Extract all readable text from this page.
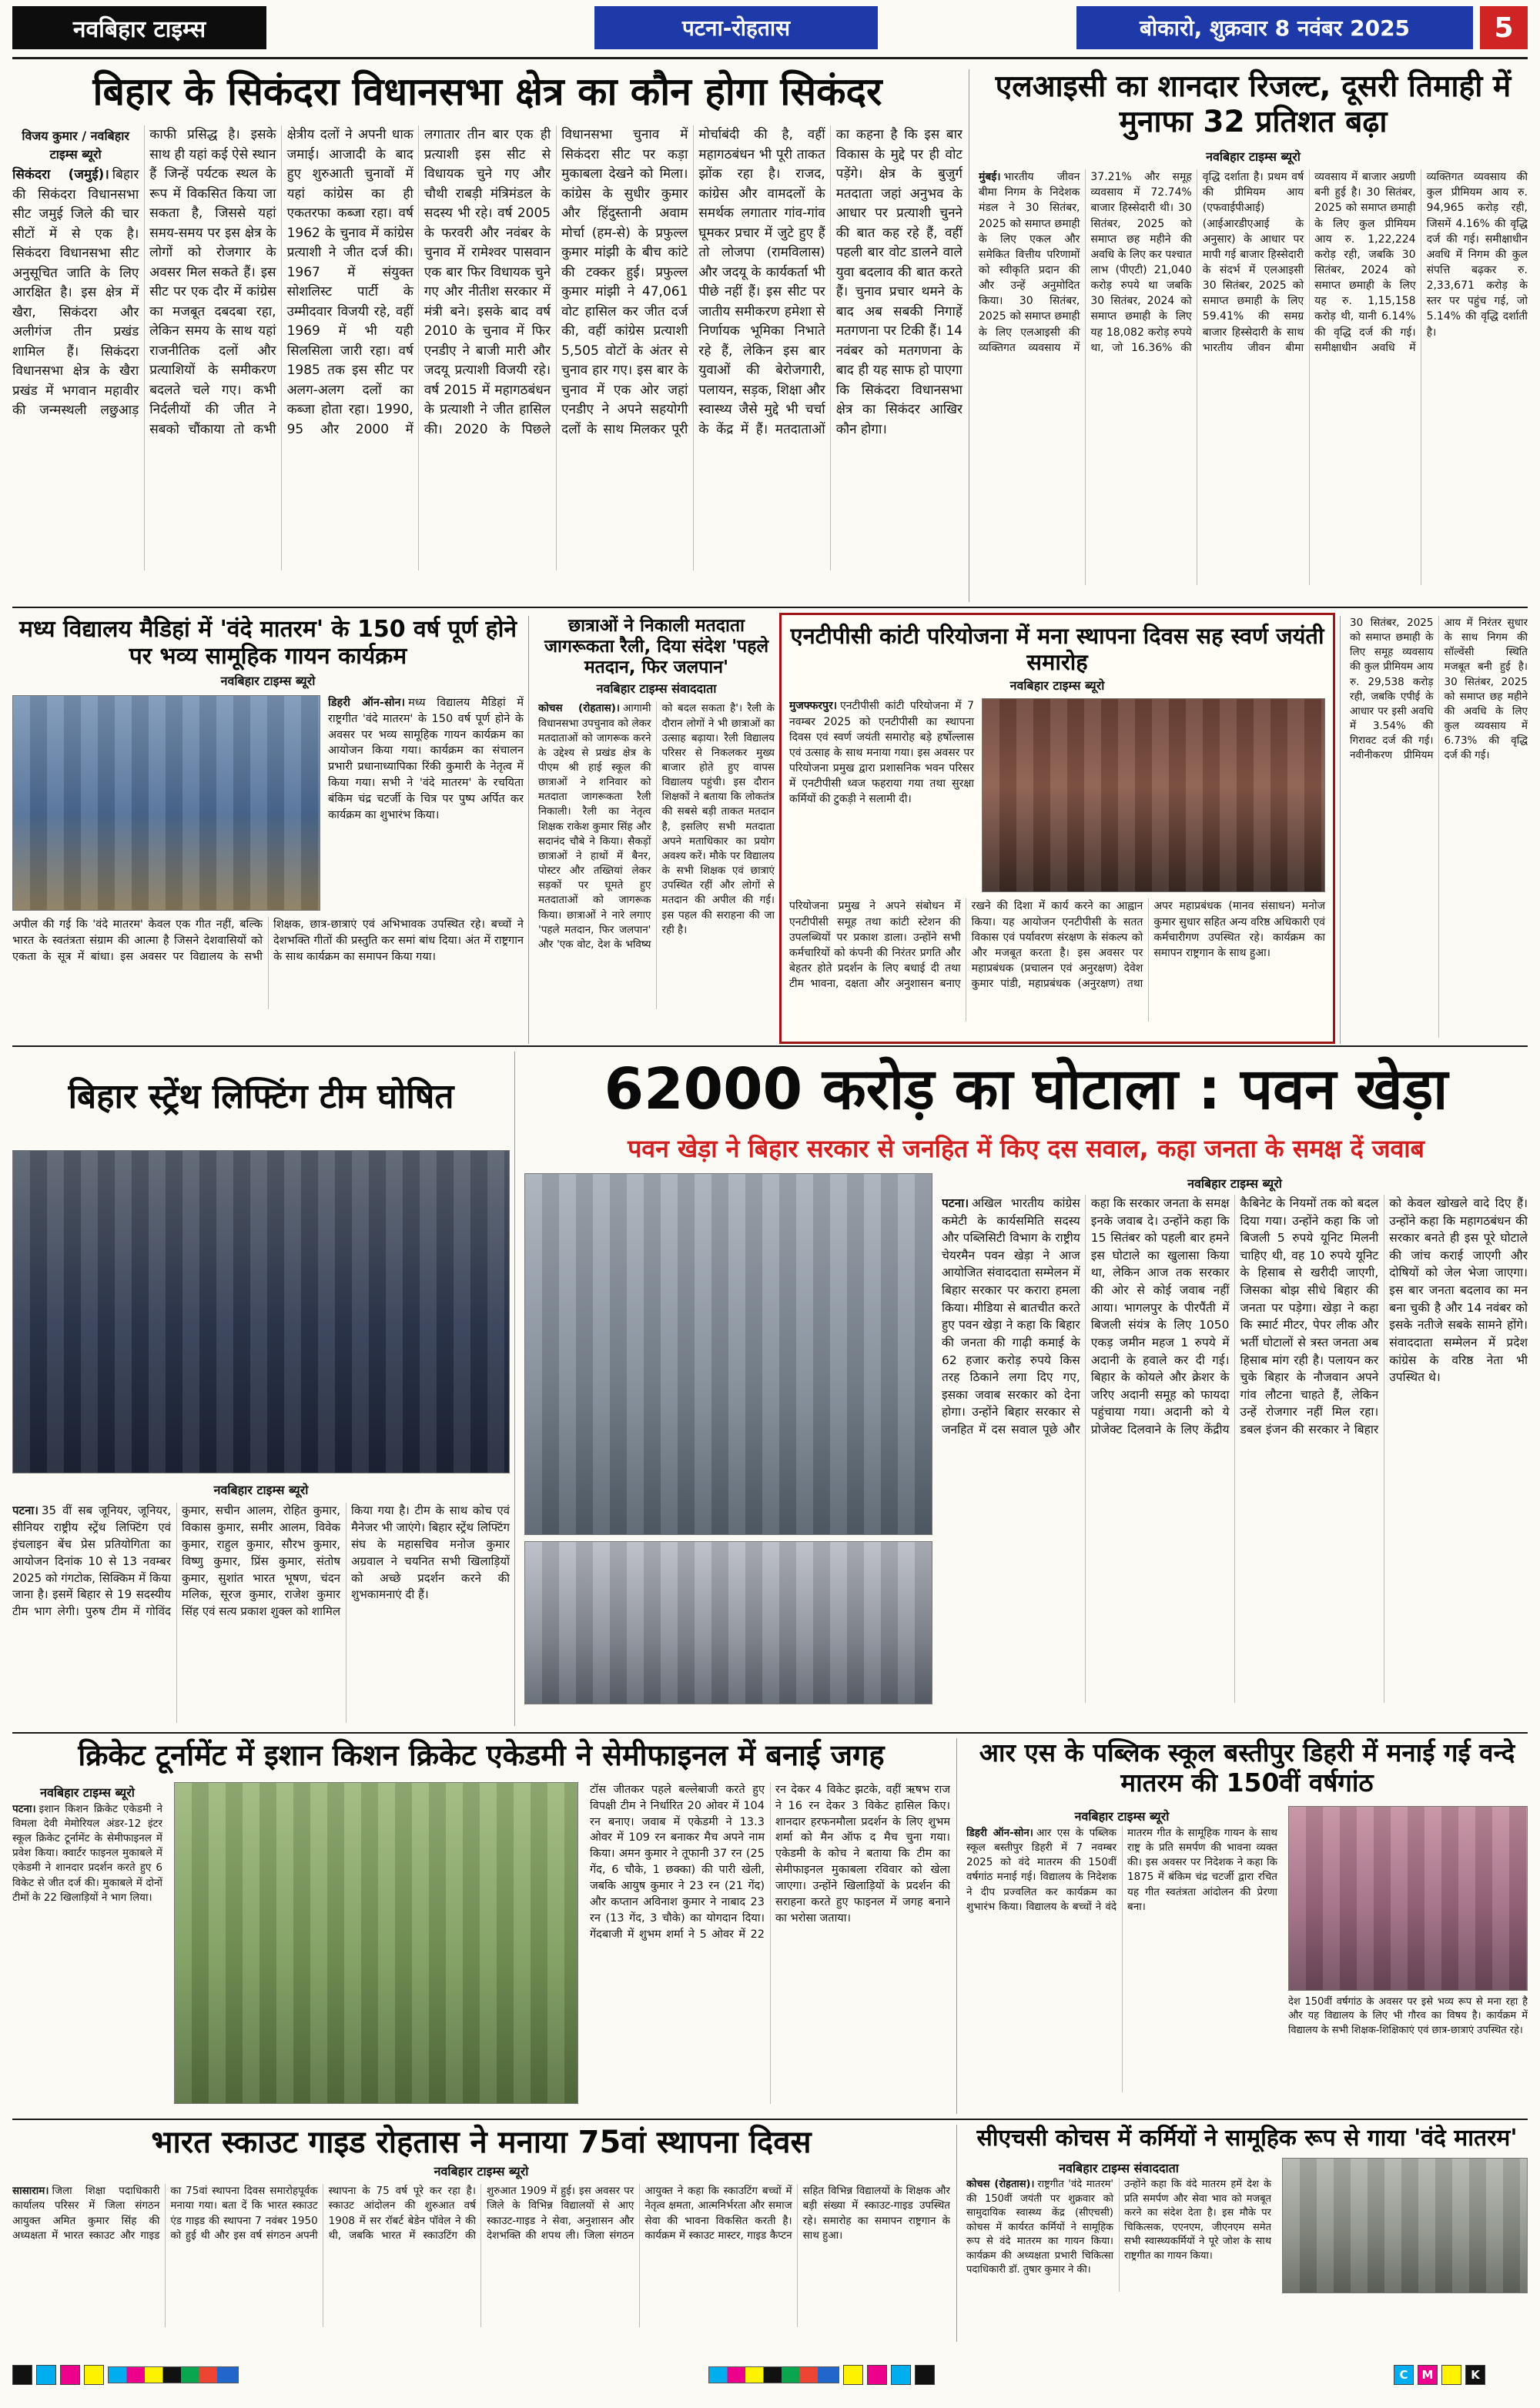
नवबिहार टाइम्स	पटना-रोहतास	बोकारो, शुक्रवार 8 नवंबर 2025	5
बिहार के सिकंदरा विधानसभा क्षेत्र का कौन होगा सिकंदर
विजय कुमार / नवबिहार टाइम्स ब्यूरो

सिकंदरा (जमुई)। बिहार की सिकंदरा विधानसभा सीट जमुई जिले की चार सीटों में से एक है। सिकंदरा विधानसभा सीट अनुसूचित जाति के लिए आरक्षित है। इस क्षेत्र में खैरा, सिकंदरा और अलीगंज तीन प्रखंड शामिल हैं। सिकंदरा विधानसभा क्षेत्र के खैरा प्रखंड में भगवान महावीर की जन्मस्थली लछुआड़ काफी प्रसिद्ध है। इसके साथ ही यहां कई ऐसे स्थान हैं जिन्हें पर्यटक स्थल के रूप में विकसित किया जा सकता है, जिससे यहां समय-समय पर इस क्षेत्र के लोगों को रोजगार के अवसर मिल सकते हैं। इस सीट पर एक दौर में कांग्रेस का मजबूत दबदबा रहा, लेकिन समय के साथ यहां राजनीतिक दलों और प्रत्याशियों के समीकरण बदलते चले गए। कभी निर्दलीयों की जीत ने सबको चौंकाया तो कभी क्षेत्रीय दलों ने अपनी धाक जमाई। आजादी के बाद हुए शुरुआती चुनावों में यहां कांग्रेस का ही एकतरफा कब्जा रहा। वर्ष 1962 के चुनाव में कांग्रेस प्रत्याशी ने जीत दर्ज की। 1967 में संयुक्त सोशलिस्ट पार्टी के उम्मीदवार विजयी रहे, वहीं 1969 में भी यही सिलसिला जारी रहा। वर्ष 1985 तक इस सीट पर अलग-अलग दलों का कब्जा होता रहा। 1990, 95 और 2000 में लगातार तीन बार एक ही प्रत्याशी इस सीट से विधायक चुने गए और चौथी राबड़ी मंत्रिमंडल के सदस्य भी रहे। वर्ष 2005 के फरवरी और नवंबर के चुनाव में रामेश्वर पासवान एक बार फिर विधायक चुने गए और नीतीश सरकार में मंत्री बने। इसके बाद वर्ष 2010 के चुनाव में फिर एनडीए ने बाजी मारी और जदयू प्रत्याशी विजयी रहे। वर्ष 2015 में महागठबंधन के प्रत्याशी ने जीत हासिल की। 2020 के पिछले विधानसभा चुनाव में सिकंदरा सीट पर कड़ा मुकाबला देखने को मिला। कांग्रेस के सुधीर कुमार और हिंदुस्तानी अवाम मोर्चा (हम-से) के प्रफुल्ल कुमार मांझी के बीच कांटे की टक्कर हुई। प्रफुल्ल कुमार मांझी ने 47,061 वोट हासिल कर जीत दर्ज की, वहीं कांग्रेस प्रत्याशी 5,505 वोटों के अंतर से चुनाव हार गए। इस बार के चुनाव में एक ओर जहां एनडीए ने अपने सहयोगी दलों के साथ मिलकर पूरी मोर्चाबंदी की है, वहीं महागठबंधन भी पूरी ताकत झोंक रहा है। राजद, कांग्रेस और वामदलों के समर्थक लगातार गांव-गांव घूमकर प्रचार में जुटे हुए हैं तो लोजपा (रामविलास) और जदयू के कार्यकर्ता भी पीछे नहीं हैं। इस सीट पर जातीय समीकरण हमेशा से निर्णायक भूमिका निभाते रहे हैं, लेकिन इस बार युवाओं की बेरोजगारी, पलायन, सड़क, शिक्षा और स्वास्थ्य जैसे मुद्दे भी चर्चा के केंद्र में हैं। मतदाताओं का कहना है कि इस बार विकास के मुद्दे पर ही वोट पड़ेंगे। क्षेत्र के बुजुर्ग मतदाता जहां अनुभव के आधार पर प्रत्याशी चुनने की बात कह रहे हैं, वहीं पहली बार वोट डालने वाले युवा बदलाव की बात करते हैं। चुनाव प्रचार थमने के बाद अब सबकी निगाहें मतगणना पर टिकी हैं। 14 नवंबर को मतगणना के बाद ही यह साफ हो पाएगा कि सिकंदरा विधानसभा क्षेत्र का सिकंदर आखिर कौन होगा।

एलआइसी का शानदार रिजल्ट, दूसरी तिमाही में मुनाफा 32 प्रतिशत बढ़ा
नवबिहार टाइम्स ब्यूरो

मुंबई। भारतीय जीवन बीमा निगम के निदेशक मंडल ने 30 सितंबर, 2025 को समाप्त छमाही के लिए एकल और समेकित वित्तीय परिणामों को स्वीकृति प्रदान की और उन्हें अनुमोदित किया। 30 सितंबर, 2025 को समाप्त छमाही के लिए एलआइसी की व्यक्तिगत व्यवसाय में 37.21% और समूह व्यवसाय में 72.74% बाजार हिस्सेदारी थी। 30 सितंबर, 2025 को समाप्त छह महीने की अवधि के लिए कर पश्चात लाभ (पीएटी) 21,040 करोड़ रुपये था जबकि 30 सितंबर, 2024 को समाप्त छमाही के लिए यह 18,082 करोड़ रुपये था, जो 16.36% की वृद्धि दर्शाता है। प्रथम वर्ष की प्रीमियम आय (एफवाईपीआई) (आईआरडीएआई के अनुसार) के आधार पर मापी गई बाजार हिस्सेदारी के संदर्भ में एलआइसी 30 सितंबर, 2025 को समाप्त छमाही के लिए 59.41% की समग्र बाजार हिस्सेदारी के साथ भारतीय जीवन बीमा व्यवसाय में बाजार अग्रणी बनी हुई है। 30 सितंबर, 2025 को समाप्त छमाही के लिए कुल प्रीमियम आय रु. 1,22,224 करोड़ रही, जबकि 30 सितंबर, 2024 को समाप्त छमाही के लिए यह रु. 1,15,158 करोड़ थी, यानी 6.14% की वृद्धि दर्ज की गई। समीक्षाधीन अवधि में व्यक्तिगत व्यवसाय की कुल प्रीमियम आय रु. 94,965 करोड़ रही, जिसमें 4.16% की वृद्धि दर्ज की गई। समीक्षाधीन अवधि में निगम की कुल संपत्ति बढ़कर रु. 2,33,671 करोड़ के स्तर पर पहुंच गई, जो 5.14% की वृद्धि दर्शाती है।

मध्य विद्यालय मैडिहां में 'वंदे मातरम' के 150 वर्ष पूर्ण होने पर भव्य सामूहिक गायन कार्यक्रम
नवबिहार टाइम्स ब्यूरो

डिहरी ऑन-सोन। मध्य विद्यालय मैडिहां में राष्ट्रगीत 'वंदे मातरम' के 150 वर्ष पूर्ण होने के अवसर पर भव्य सामूहिक गायन कार्यक्रम का आयोजन किया गया। कार्यक्रम का संचालन प्रभारी प्रधानाध्यापिका रिंकी कुमारी के नेतृत्व में किया गया। सभी ने 'वंदे मातरम' के रचयिता बंकिम चंद्र चटर्जी के चित्र पर पुष्प अर्पित कर कार्यक्रम का शुभारंभ किया।

अपील की गई कि 'वंदे मातरम' केवल एक गीत नहीं, बल्कि भारत के स्वतंत्रता संग्राम की आत्मा है जिसने देशवासियों को एकता के सूत्र में बांधा। इस अवसर पर विद्यालय के सभी शिक्षक, छात्र-छात्राएं एवं अभिभावक उपस्थित रहे। बच्चों ने देशभक्ति गीतों की प्रस्तुति कर समां बांध दिया। अंत में राष्ट्रगान के साथ कार्यक्रम का समापन किया गया।

छात्राओं ने निकाली मतदाता जागरूकता रैली, दिया संदेश 'पहले मतदान, फिर जलपान'
नवबिहार टाइम्स संवाददाता

कोचस (रोहतास)। आगामी विधानसभा उपचुनाव को लेकर मतदाताओं को जागरूक करने के उद्देश्य से प्रखंड क्षेत्र के पीएम श्री हाई स्कूल की छात्राओं ने शनिवार को मतदाता जागरूकता रैली निकाली। रैली का नेतृत्व शिक्षक राकेश कुमार सिंह और सदानंद चौबे ने किया। सैकड़ों छात्राओं ने हाथों में बैनर, पोस्टर और तख्तियां लेकर सड़कों पर घूमते हुए मतदाताओं को जागरूक किया। छात्राओं ने नारे लगाए 'पहले मतदान, फिर जलपान' और 'एक वोट, देश के भविष्य को बदल सकता है'। रैली के दौरान लोगों ने भी छात्राओं का उत्साह बढ़ाया। रैली विद्यालय परिसर से निकलकर मुख्य बाजार होते हुए वापस विद्यालय पहुंची। इस दौरान शिक्षकों ने बताया कि लोकतंत्र की सबसे बड़ी ताकत मतदान है, इसलिए सभी मतदाता अपने मताधिकार का प्रयोग अवश्य करें। मौके पर विद्यालय के सभी शिक्षक एवं छात्राएं उपस्थित रहीं और लोगों से मतदान की अपील की गई। इस पहल की सराहना की जा रही है।

एनटीपीसी कांटी परियोजना में मना स्थापना दिवस सह स्वर्ण जयंती समारोह
नवबिहार टाइम्स ब्यूरो

मुजफ्फरपुर। एनटीपीसी कांटी परियोजना में 7 नवम्बर 2025 को एनटीपीसी का स्थापना दिवस एवं स्वर्ण जयंती समारोह बड़े हर्षोल्लास एवं उत्साह के साथ मनाया गया। इस अवसर पर परियोजना प्रमुख द्वारा प्रशासनिक भवन परिसर में एनटीपीसी ध्वज फहराया गया तथा सुरक्षा कर्मियों की टुकड़ी ने सलामी दी।

परियोजना प्रमुख ने अपने संबोधन में एनटीपीसी समूह तथा कांटी स्टेशन की उपलब्धियों पर प्रकाश डाला। उन्होंने सभी कर्मचारियों को कंपनी की निरंतर प्रगति और बेहतर होते प्रदर्शन के लिए बधाई दी तथा टीम भावना, दक्षता और अनुशासन बनाए रखने की दिशा में कार्य करने का आह्वान किया। यह आयोजन एनटीपीसी के सतत विकास एवं पर्यावरण संरक्षण के संकल्प को और मजबूत करता है। इस अवसर पर महाप्रबंधक (प्रचालन एवं अनुरक्षण) देवेश कुमार पांडी, महाप्रबंधक (अनुरक्षण) तथा अपर महाप्रबंधक (मानव संसाधन) मनोज कुमार सुधार सहित अन्य वरिष्ठ अधिकारी एवं कर्मचारीगण उपस्थित रहे। कार्यक्रम का समापन राष्ट्रगान के साथ हुआ।

30 सितंबर, 2025 को समाप्त छमाही के लिए समूह व्यवसाय की कुल प्रीमियम आय रु. 29,538 करोड़ रही, जबकि एपीई के आधार पर इसी अवधि में 3.54% की गिरावट दर्ज की गई। नवीनीकरण प्रीमियम आय में निरंतर सुधार के साथ निगम की सॉल्वेंसी स्थिति मजबूत बनी हुई है। 30 सितंबर, 2025 को समाप्त छह महीने की अवधि के लिए कुल व्यवसाय में 6.73% की वृद्धि दर्ज की गई।

बिहार स्ट्रेंथ लिफ्टिंग टीम घोषित
नवबिहार टाइम्स ब्यूरो

पटना। 35 वीं सब जूनियर, जूनियर, सीनियर राष्ट्रीय स्ट्रेंथ लिफ्टिंग एवं इंचलाइन बेंच प्रेस प्रतियोगिता का आयोजन दिनांक 10 से 13 नवम्बर 2025 को गंगटोक, सिक्किम में किया जाना है। इसमें बिहार से 19 सदस्यीय टीम भाग लेगी। पुरुष टीम में गोविंद कुमार, सचीन आलम, रोहित कुमार, विकास कुमार, समीर आलम, विवेक कुमार, राहुल कुमार, सौरभ कुमार, विष्णु कुमार, प्रिंस कुमार, संतोष कुमार, सुशांत भारत भूषण, चंदन मलिक, सूरज कुमार, राजेश कुमार सिंह एवं सत्य प्रकाश शुक्ल को शामिल किया गया है। टीम के साथ कोच एवं मैनेजर भी जाएंगे। बिहार स्ट्रेंथ लिफ्टिंग संघ के महासचिव मनोज कुमार अग्रवाल ने चयनित सभी खिलाड़ियों को अच्छे प्रदर्शन करने की शुभकामनाएं दी हैं।

62000 करोड़ का घोटाला : पवन खेड़ा
पवन खेड़ा ने बिहार सरकार से जनहित में किए दस सवाल, कहा जनता के समक्ष दें जवाब
नवबिहार टाइम्स ब्यूरो

पटना। अखिल भारतीय कांग्रेस कमेटी के कार्यसमिति सदस्य और पब्लिसिटी विभाग के राष्ट्रीय चेयरमैन पवन खेड़ा ने आज आयोजित संवाददाता सम्मेलन में बिहार सरकार पर करारा हमला किया। मीडिया से बातचीत करते हुए पवन खेड़ा ने कहा कि बिहार की जनता की गाढ़ी कमाई के 62 हजार करोड़ रुपये किस तरह ठिकाने लगा दिए गए, इसका जवाब सरकार को देना होगा। उन्होंने बिहार सरकार से जनहित में दस सवाल पूछे और कहा कि सरकार जनता के समक्ष इनके जवाब दे। उन्होंने कहा कि 15 सितंबर को पहली बार हमने इस घोटाले का खुलासा किया था, लेकिन आज तक सरकार की ओर से कोई जवाब नहीं आया। भागलपुर के पीरपैंती में बिजली संयंत्र के लिए 1050 एकड़ जमीन महज 1 रुपये में अदानी के हवाले कर दी गई। बिहार के कोयले और क्रेशर के जरिए अदानी समूह को फायदा पहुंचाया गया। अदानी को ये प्रोजेक्ट दिलवाने के लिए केंद्रीय कैबिनेट के नियमों तक को बदल दिया गया। उन्होंने कहा कि जो बिजली 5 रुपये यूनिट मिलनी चाहिए थी, वह 10 रुपये यूनिट के हिसाब से खरीदी जाएगी, जिसका बोझ सीधे बिहार की जनता पर पड़ेगा। खेड़ा ने कहा कि स्मार्ट मीटर, पेपर लीक और भर्ती घोटालों से त्रस्त जनता अब हिसाब मांग रही है। पलायन कर चुके बिहार के नौजवान अपने गांव लौटना चाहते हैं, लेकिन उन्हें रोजगार नहीं मिल रहा। डबल इंजन की सरकार ने बिहार को केवल खोखले वादे दिए हैं। उन्होंने कहा कि महागठबंधन की सरकार बनते ही इस पूरे घोटाले की जांच कराई जाएगी और दोषियों को जेल भेजा जाएगा। इस बार जनता बदलाव का मन बना चुकी है और 14 नवंबर को इसके नतीजे सबके सामने होंगे। संवाददाता सम्मेलन में प्रदेश कांग्रेस के वरिष्ठ नेता भी उपस्थित थे।

क्रिकेट टूर्नामेंट में इशान किशन क्रिकेट एकेडमी ने सेमीफाइनल में बनाई जगह
नवबिहार टाइम्स ब्यूरो

पटना। इशान किशन क्रिकेट एकेडमी ने विमला देवी मेमोरियल अंडर-12 इंटर स्कूल क्रिकेट टूर्नामेंट के सेमीफाइनल में प्रवेश किया। क्वार्टर फाइनल मुकाबले में एकेडमी ने शानदार प्रदर्शन करते हुए 6 विकेट से जीत दर्ज की। मुकाबले में दोनों टीमों के 22 खिलाड़ियों ने भाग लिया।

टॉस जीतकर पहले बल्लेबाजी करते हुए विपक्षी टीम ने निर्धारित 20 ओवर में 104 रन बनाए। जवाब में एकेडमी ने 13.3 ओवर में 109 रन बनाकर मैच अपने नाम किया। अमन कुमार ने तूफानी 37 रन (25 गेंद, 6 चौके, 1 छक्का) की पारी खेली, जबकि आयुष कुमार ने 23 रन (21 गेंद) और कप्तान अविनाश कुमार ने नाबाद 23 रन (13 गेंद, 3 चौके) का योगदान दिया। गेंदबाजी में शुभम शर्मा ने 5 ओवर में 22 रन देकर 4 विकेट झटके, वहीं ऋषभ राज ने 16 रन देकर 3 विकेट हासिल किए। शानदार हरफनमौला प्रदर्शन के लिए शुभम शर्मा को मैन ऑफ द मैच चुना गया। एकेडमी के कोच ने बताया कि टीम का सेमीफाइनल मुकाबला रविवार को खेला जाएगा। उन्होंने खिलाड़ियों के प्रदर्शन की सराहना करते हुए फाइनल में जगह बनाने का भरोसा जताया।

आर एस के पब्लिक स्कूल बस्तीपुर डिहरी में मनाई गई वन्दे मातरम की 150वीं वर्षगांठ
नवबिहार टाइम्स ब्यूरो

डिहरी ऑन-सोन। आर एस के पब्लिक स्कूल बस्तीपुर डिहरी में 7 नवम्बर 2025 को वंदे मातरम की 150वीं वर्षगांठ मनाई गई। विद्यालय के निदेशक ने दीप प्रज्वलित कर कार्यक्रम का शुभारंभ किया। विद्यालय के बच्चों ने वंदे मातरम गीत के सामूहिक गायन के साथ राष्ट्र के प्रति समर्पण की भावना व्यक्त की। इस अवसर पर निदेशक ने कहा कि 1875 में बंकिम चंद्र चटर्जी द्वारा रचित यह गीत स्वतंत्रता आंदोलन की प्रेरणा बना।

देश 150वीं वर्षगांठ के अवसर पर इसे भव्य रूप से मना रहा है और यह विद्यालय के लिए भी गौरव का विषय है। कार्यक्रम में विद्यालय के सभी शिक्षक-शिक्षिकाएं एवं छात्र-छात्राएं उपस्थित रहे।

भारत स्काउट गाइड रोहतास ने मनाया 75वां स्थापना दिवस
नवबिहार टाइम्स ब्यूरो

सासाराम। जिला शिक्षा पदाधिकारी कार्यालय परिसर में जिला संगठन आयुक्त अमित कुमार सिंह की अध्यक्षता में भारत स्काउट और गाइड का 75वां स्थापना दिवस समारोहपूर्वक मनाया गया। बता दें कि भारत स्काउट एंड गाइड की स्थापना 7 नवंबर 1950 को हुई थी और इस वर्ष संगठन अपनी स्थापना के 75 वर्ष पूरे कर रहा है। स्काउट आंदोलन की शुरुआत वर्ष 1908 में सर रॉबर्ट बेडेन पॉवेल ने की थी, जबकि भारत में स्काउटिंग की शुरुआत 1909 में हुई। इस अवसर पर जिले के विभिन्न विद्यालयों से आए स्काउट-गाइड ने सेवा, अनुशासन और देशभक्ति की शपथ ली। जिला संगठन आयुक्त ने कहा कि स्काउटिंग बच्चों में नेतृत्व क्षमता, आत्मनिर्भरता और समाज सेवा की भावना विकसित करती है। कार्यक्रम में स्काउट मास्टर, गाइड कैप्टन सहित विभिन्न विद्यालयों के शिक्षक और बड़ी संख्या में स्काउट-गाइड उपस्थित रहे। समारोह का समापन राष्ट्रगान के साथ हुआ।

सीएचसी कोचस में कर्मियों ने सामूहिक रूप से गाया 'वंदे मातरम'
नवबिहार टाइम्स संवाददाता

कोचस (रोहतास)। राष्ट्रगीत 'वंदे मातरम' की 150वीं जयंती पर शुक्रवार को सामुदायिक स्वास्थ्य केंद्र (सीएचसी) कोचस में कार्यरत कर्मियों ने सामूहिक रूप से वंदे मातरम का गायन किया। कार्यक्रम की अध्यक्षता प्रभारी चिकित्सा पदाधिकारी डॉ. तुषार कुमार ने की।

उन्होंने कहा कि वंदे मातरम हमें देश के प्रति समर्पण और सेवा भाव को मजबूत करने का संदेश देता है। इस मौके पर चिकित्सक, एएनएम, जीएनएम समेत सभी स्वास्थ्यकर्मियों ने पूरे जोश के साथ राष्ट्रगीत का गायन किया।

C	M	K
